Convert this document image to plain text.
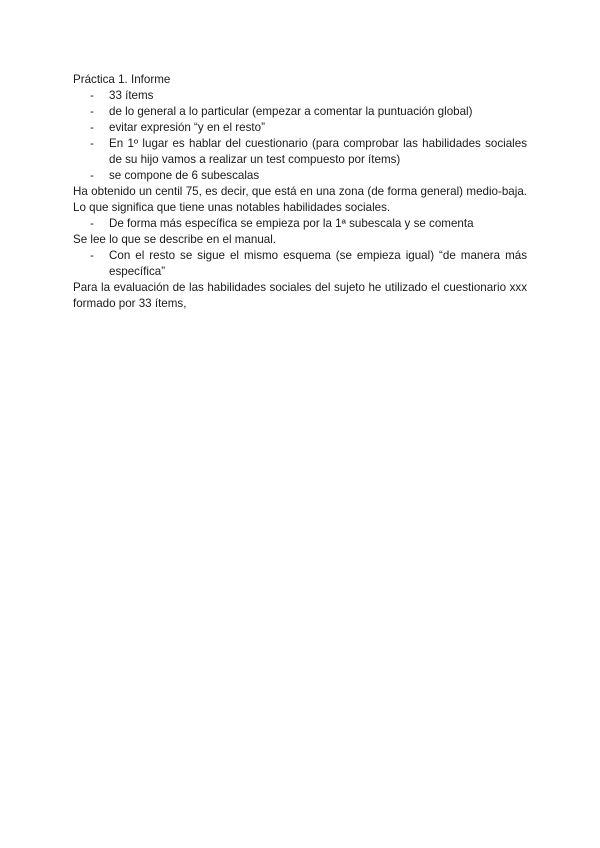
Práctica 1. Informe

- 33 ítems
- de lo general a lo particular (empezar a comentar la puntuación global)
- evitar expresión “y en el resto”
- En 1º lugar es hablar del cuestionario (para comprobar las habilidades sociales de su hijo vamos a realizar un test compuesto por ítems)
- se compone de 6 subescalas

Ha obtenido un centil 75, es decir, que está en una zona (de forma general) medio-baja. Lo que significa que tiene unas notables habilidades sociales.

- De forma más específica se empieza por la 1ª subescala y se comenta

Se lee lo que se describe en el manual.

- Con el resto se sigue el mismo esquema (se empieza igual) “de manera más específica”

Para la evaluación de las habilidades sociales del sujeto he utilizado el cuestionario xxx formado por 33 ítems,
